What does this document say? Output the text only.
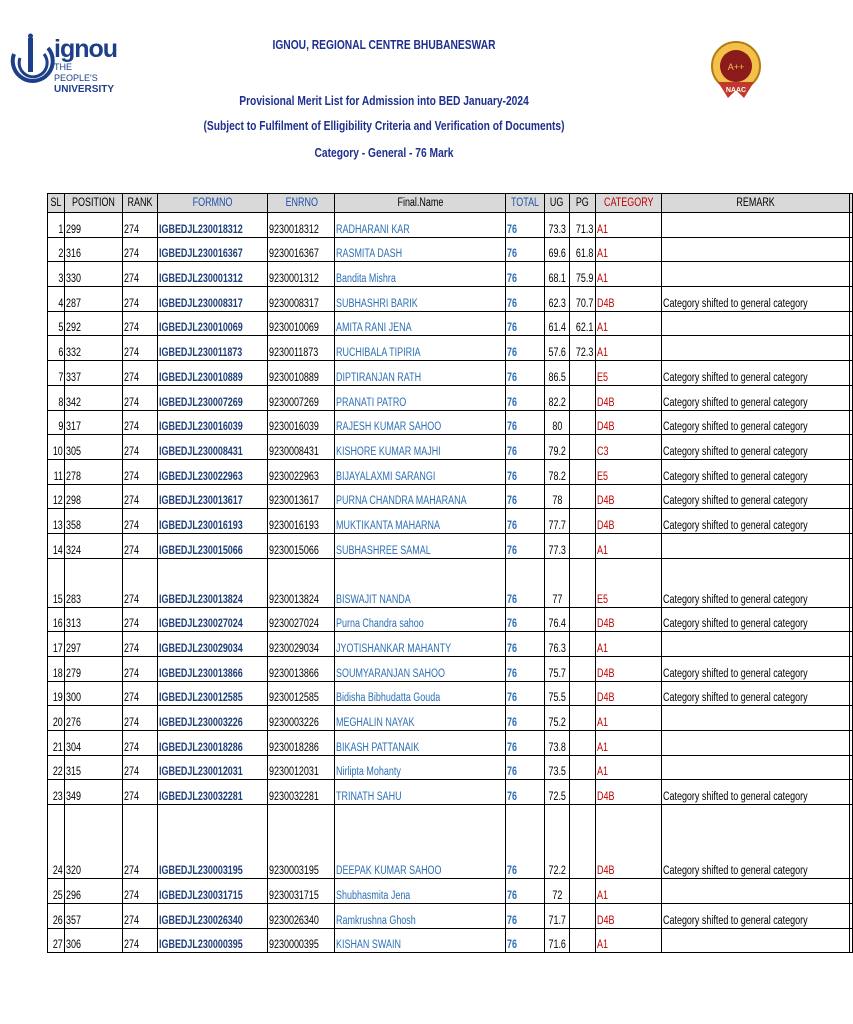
ignou
THE PEOPLE'S
UNIVERSITY
A++
NAAC
IGNOU, REGIONAL CENTRE BHUBANESWAR
Provisional Merit List for Admission into BED January-2024
(Subject to Fulfilment of Elligibility Criteria and Verification of Documents)
Category - General - 76 Mark
SL	POSITION	RANK	FORMNO	ENRNO	Final.Name	TOTAL	UG	PG	CATEGORY	REMARK	
1	299	274	IGBEDJL230018312	9230018312	RADHARANI KAR	76	73.3	71.3	A1		
2	316	274	IGBEDJL230016367	9230016367	RASMITA DASH	76	69.6	61.8	A1		
3	330	274	IGBEDJL230001312	9230001312	Bandita Mishra	76	68.1	75.9	A1		
4	287	274	IGBEDJL230008317	9230008317	SUBHASHRI BARIK	76	62.3	70.7	D4B	Category shifted to general category	
5	292	274	IGBEDJL230010069	9230010069	AMITA RANI JENA	76	61.4	62.1	A1		
6	332	274	IGBEDJL230011873	9230011873	RUCHIBALA TIPIRIA	76	57.6	72.3	A1		
7	337	274	IGBEDJL230010889	9230010889	DIPTIRANJAN RATH	76	86.5		E5	Category shifted to general category	
8	342	274	IGBEDJL230007269	9230007269	PRANATI PATRO	76	82.2		D4B	Category shifted to general category	
9	317	274	IGBEDJL230016039	9230016039	RAJESH KUMAR SAHOO	76	80		D4B	Category shifted to general category	
10	305	274	IGBEDJL230008431	9230008431	KISHORE KUMAR MAJHI	76	79.2		C3	Category shifted to general category	
11	278	274	IGBEDJL230022963	9230022963	BIJAYALAXMI SARANGI	76	78.2		E5	Category shifted to general category	
12	298	274	IGBEDJL230013617	9230013617	PURNA CHANDRA MAHARANA	76	78		D4B	Category shifted to general category	
13	358	274	IGBEDJL230016193	9230016193	MUKTIKANTA MAHARNA	76	77.7		D4B	Category shifted to general category	
14	324	274	IGBEDJL230015066	9230015066	SUBHASHREE SAMAL	76	77.3		A1		
15	283	274	IGBEDJL230013824	9230013824	BISWAJIT NANDA	76	77		E5	Category shifted to general category	
16	313	274	IGBEDJL230027024	9230027024	Purna Chandra sahoo	76	76.4		D4B	Category shifted to general category	
17	297	274	IGBEDJL230029034	9230029034	JYOTISHANKAR MAHANTY	76	76.3		A1		
18	279	274	IGBEDJL230013866	9230013866	SOUMYARANJAN SAHOO	76	75.7		D4B	Category shifted to general category	
19	300	274	IGBEDJL230012585	9230012585	Bidisha Bibhudatta Gouda	76	75.5		D4B	Category shifted to general category	
20	276	274	IGBEDJL230003226	9230003226	MEGHALIN NAYAK	76	75.2		A1		
21	304	274	IGBEDJL230018286	9230018286	BIKASH PATTANAIK	76	73.8		A1		
22	315	274	IGBEDJL230012031	9230012031	Nirlipta Mohanty	76	73.5		A1		
23	349	274	IGBEDJL230032281	9230032281	TRINATH SAHU	76	72.5		D4B	Category shifted to general category	
24	320	274	IGBEDJL230003195	9230003195	DEEPAK KUMAR SAHOO	76	72.2		D4B	Category shifted to general category	
25	296	274	IGBEDJL230031715	9230031715	Shubhasmita Jena	76	72		A1		
26	357	274	IGBEDJL230026340	9230026340	Ramkrushna Ghosh	76	71.7		D4B	Category shifted to general category	
27	306	274	IGBEDJL230000395	9230000395	KISHAN SWAIN	76	71.6		A1		
